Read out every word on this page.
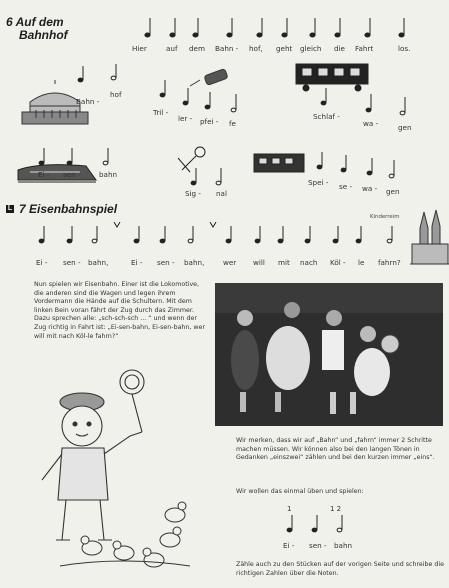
6 Auf dem
Bahnhof
Hier	auf dem Bahn - hof, geht gleich die Fahrt	los.
Bahn -
hof
Tril -
ler - pfei - fe
Schlaf -
wa -	gen
Ei - sen -	bahn
Sig - nal
Spei - se - wa - gen
L 7 Eisenbahnspiel
Kinderreim
Ei - sen - bahn,	Ei - sen - bahn,	wer will mit nach Köl - le fahrn?
Nun spielen wir Eisenbahn. Einer ist die Lokomotive, die anderen sind die Wagen und legen ihrem Vordermann die Hände auf die Schultern. Mit dem linken Bein voran fährt der Zug durch das Zimmer. Dazu sprechen alle: „sch-sch-sch ... “ und wenn der Zug richtig in Fahrt ist: „Ei-sen-bahn, Ei-sen-bahn, wer will mit nach Köl-le fahrn?“
Wir merken, dass wir auf „Bahn“ und „fahrn“ immer 2 Schritte machen müssen. Wir können also bei den langen Tönen in Gedanken „einszwei“ zählen und bei den kurzen immer „eins“.
Wir wollen das einmal üben und spielen:
1	1 2
Ei - sen - bahn
Zähle auch zu den Stücken auf der vorigen Seite und schreibe die richtigen Zahlen über die Noten.
